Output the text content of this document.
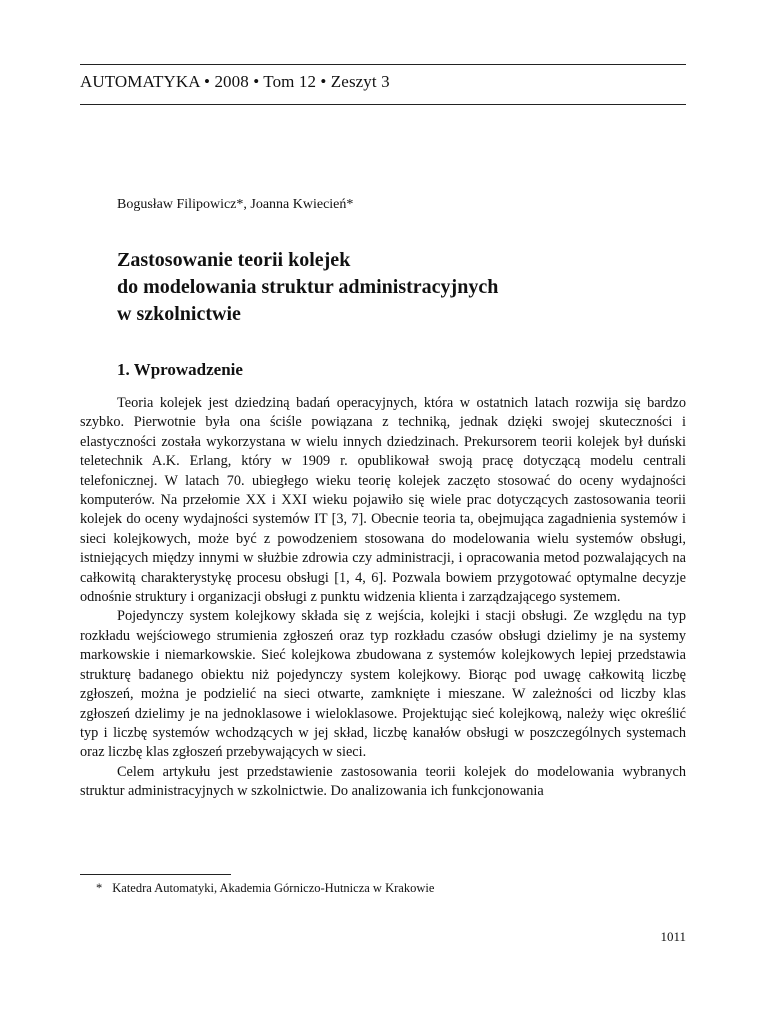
AUTOMATYKA • 2008 • Tom 12 • Zeszyt 3
Bogusław Filipowicz*, Joanna Kwiecień*
Zastosowanie teorii kolejek
do modelowania struktur administracyjnych
w szkolnictwie
1. Wprowadzenie

Teoria kolejek jest dziedziną badań operacyjnych, która w ostatnich latach rozwija się bardzo szybko. Pierwotnie była ona ściśle powiązana z techniką, jednak dzięki swojej skuteczności i elastyczności została wykorzystana w wielu innych dziedzinach. Prekursorem teorii kolejek był duński teletechnik A.K. Erlang, który w 1909 r. opublikował swoją pracę dotyczącą modelu centrali telefonicznej. W latach 70. ubiegłego wieku teorię kolejek zaczęto stosować do oceny wydajności komputerów. Na przełomie XX i XXI wieku pojawiło się wiele prac dotyczących zastosowania teorii kolejek do oceny wydajności systemów IT [3, 7]. Obecnie teoria ta, obejmująca zagadnienia systemów i sieci kolejkowych, może być z powodzeniem stosowana do modelowania wielu systemów obsługi, istniejących między innymi w służbie zdrowia czy administracji, i opracowania metod pozwalających na całkowitą charakterystykę procesu obsługi [1, 4, 6]. Pozwala bowiem przygotować optymalne decyzje odnośnie struktury i organizacji obsługi z punktu widzenia klienta i zarządzającego systemem.

Pojedynczy system kolejkowy składa się z wejścia, kolejki i stacji obsługi. Ze względu na typ rozkładu wejściowego strumienia zgłoszeń oraz typ rozkładu czasów obsługi dzielimy je na systemy markowskie i niemarkowskie. Sieć kolejkowa zbudowana z systemów kolejkowych lepiej przedstawia strukturę badanego obiektu niż pojedynczy system kolejkowy. Biorąc pod uwagę całkowitą liczbę zgłoszeń, można je podzielić na sieci otwarte, zamknięte i mieszane. W zależności od liczby klas zgłoszeń dzielimy je na jednoklasowe i wieloklasowe. Projektując sieć kolejkową, należy więc określić typ i liczbę systemów wchodzących w jej skład, liczbę kanałów obsługi w poszczególnych systemach oraz liczbę klas zgłoszeń przebywających w sieci.

Celem artykułu jest przedstawienie zastosowania teorii kolejek do modelowania wybranych struktur administracyjnych w szkolnictwie. Do analizowania ich funkcjonowania

* Katedra Automatyki, Akademia Górniczo-Hutnicza w Krakowie
1011
